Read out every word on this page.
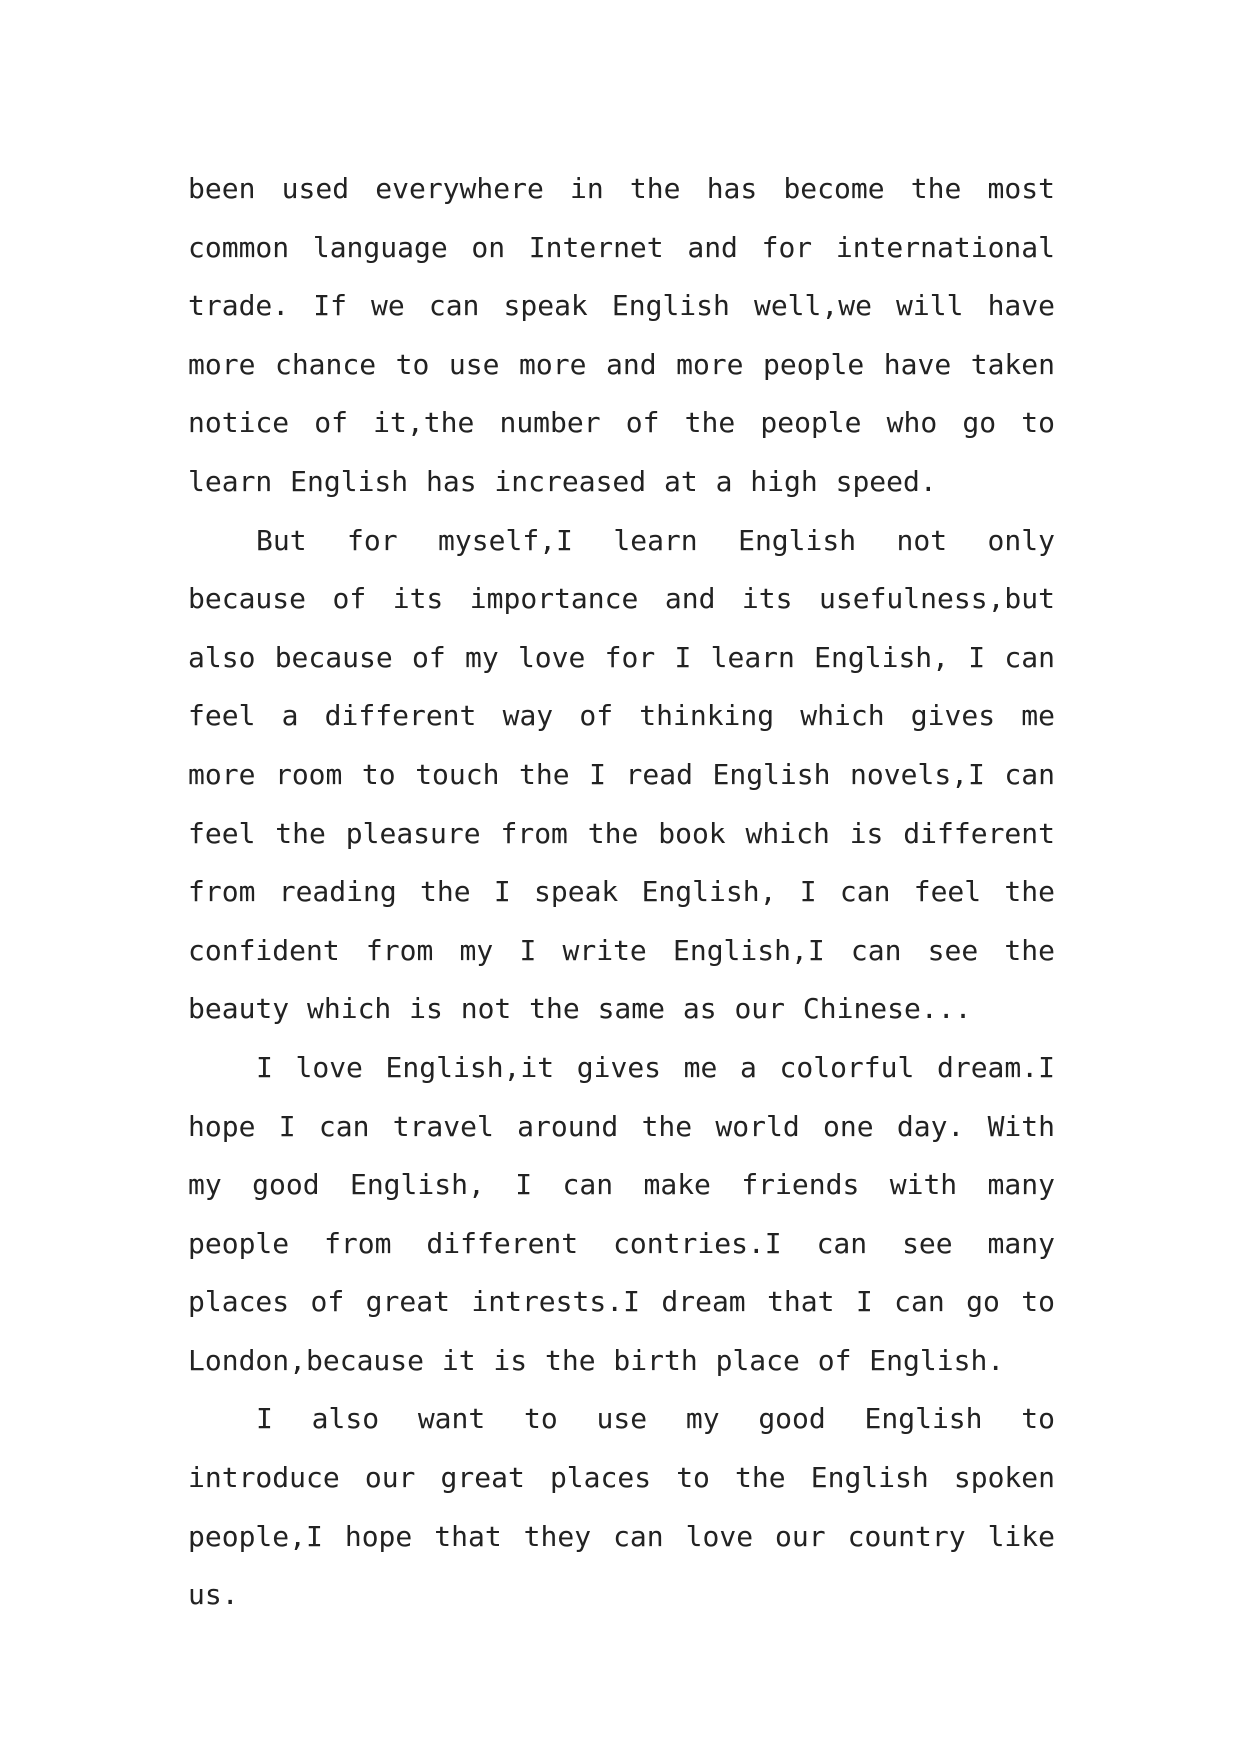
been used everywhere in the has become the most common language on Internet and for international trade. If we can speak English well,we will have more chance to use more and more people have taken notice of it,the number of the people who go to learn English has increased at a high speed.

But for myself,I learn English not only because of its importance and its usefulness,but also because of my love for I learn English, I can feel a different way of thinking which gives me more room to touch the I read English novels,I can feel the pleasure from the book which is different from reading the I speak English, I can feel the confident from my I write English,I can see the beauty which is not the same as our Chinese...

I love English,it gives me a colorful dream.I hope I can travel around the world one day. With my good English, I can make friends with many people from different contries.I can see many places of great intrests.I dream that I can go to London,because it is the birth place of English.

I also want to use my good English to introduce our great places to the English spoken people,I hope that they can love our country like us.
